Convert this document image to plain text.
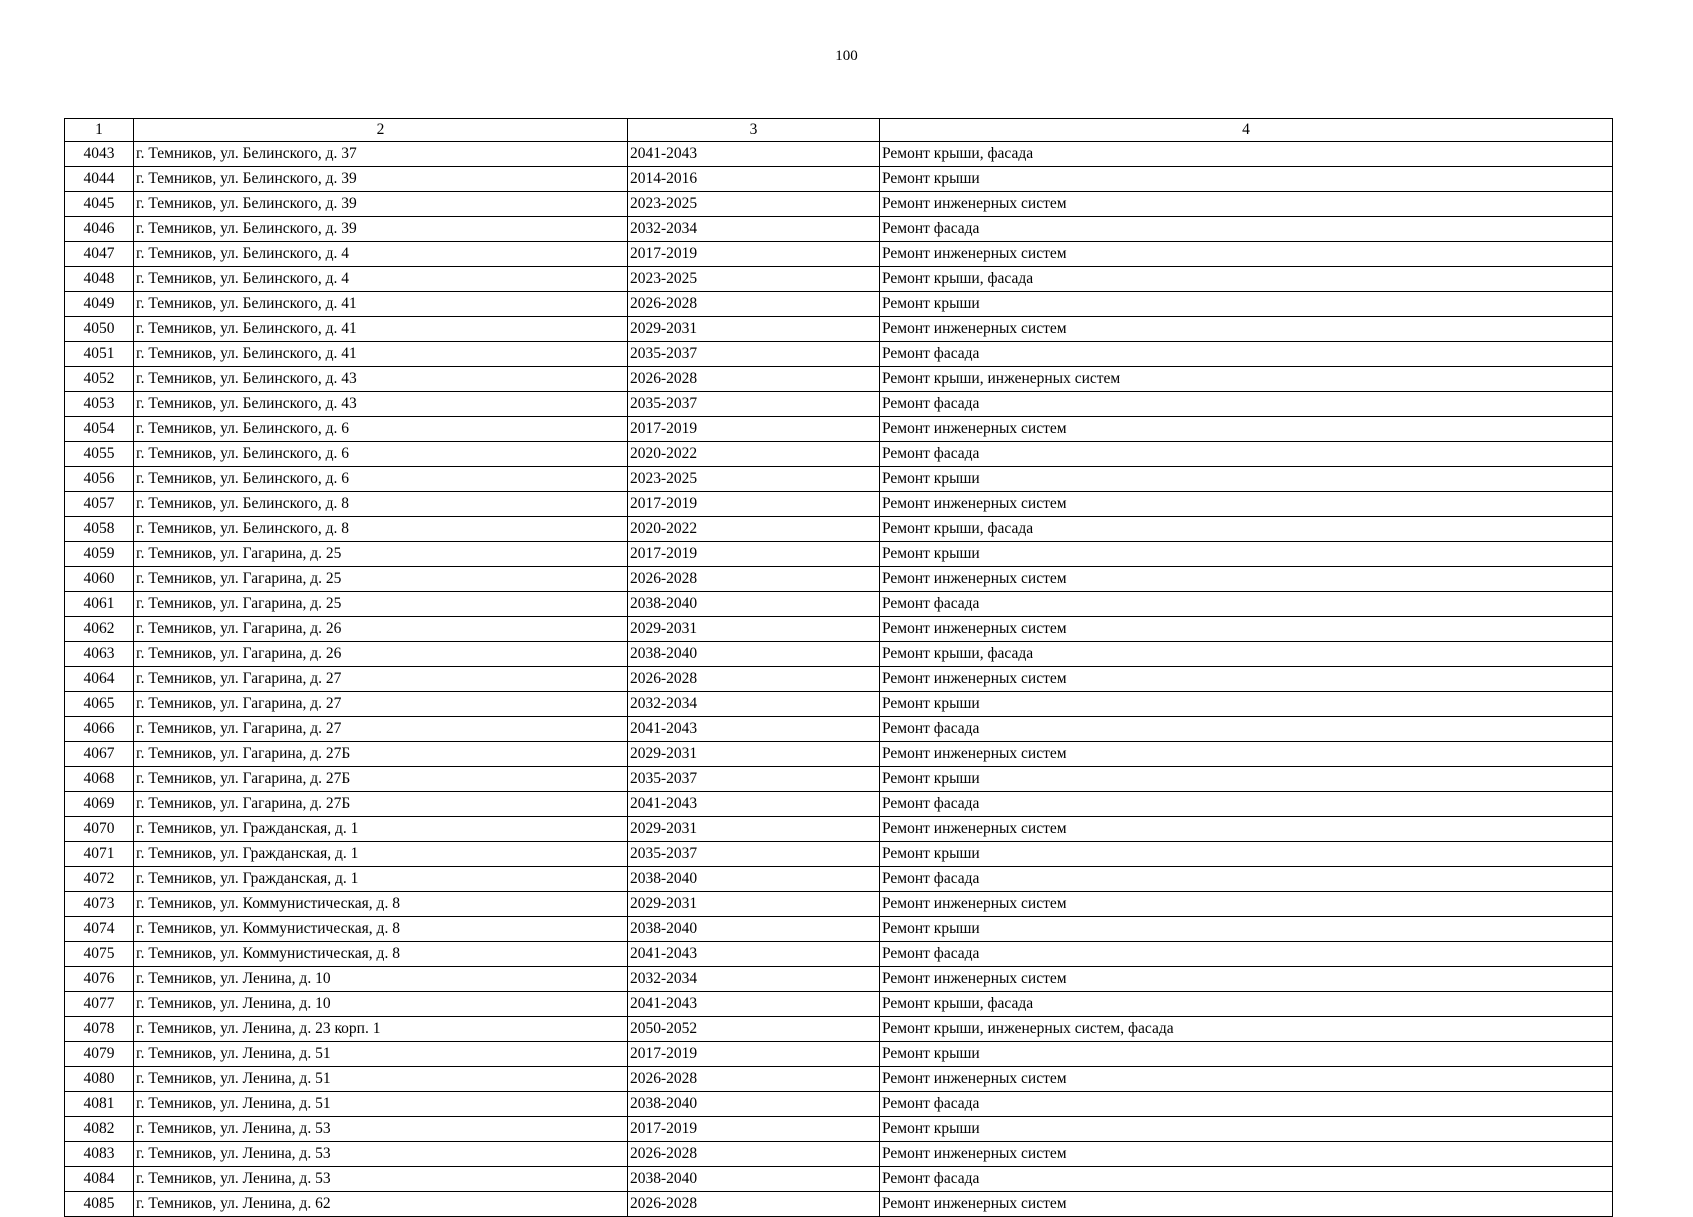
100
1	2	3	4
4043	г. Темников, ул. Белинского, д. 37	2041-2043	Ремонт крыши, фасада
4044	г. Темников, ул. Белинского, д. 39	2014-2016	Ремонт крыши
4045	г. Темников, ул. Белинского, д. 39	2023-2025	Ремонт инженерных систем
4046	г. Темников, ул. Белинского, д. 39	2032-2034	Ремонт фасада
4047	г. Темников, ул. Белинского, д. 4	2017-2019	Ремонт инженерных систем
4048	г. Темников, ул. Белинского, д. 4	2023-2025	Ремонт крыши, фасада
4049	г. Темников, ул. Белинского, д. 41	2026-2028	Ремонт крыши
4050	г. Темников, ул. Белинского, д. 41	2029-2031	Ремонт инженерных систем
4051	г. Темников, ул. Белинского, д. 41	2035-2037	Ремонт фасада
4052	г. Темников, ул. Белинского, д. 43	2026-2028	Ремонт крыши, инженерных систем
4053	г. Темников, ул. Белинского, д. 43	2035-2037	Ремонт фасада
4054	г. Темников, ул. Белинского, д. 6	2017-2019	Ремонт инженерных систем
4055	г. Темников, ул. Белинского, д. 6	2020-2022	Ремонт фасада
4056	г. Темников, ул. Белинского, д. 6	2023-2025	Ремонт крыши
4057	г. Темников, ул. Белинского, д. 8	2017-2019	Ремонт инженерных систем
4058	г. Темников, ул. Белинского, д. 8	2020-2022	Ремонт крыши, фасада
4059	г. Темников, ул. Гагарина, д. 25	2017-2019	Ремонт крыши
4060	г. Темников, ул. Гагарина, д. 25	2026-2028	Ремонт инженерных систем
4061	г. Темников, ул. Гагарина, д. 25	2038-2040	Ремонт фасада
4062	г. Темников, ул. Гагарина, д. 26	2029-2031	Ремонт инженерных систем
4063	г. Темников, ул. Гагарина, д. 26	2038-2040	Ремонт крыши, фасада
4064	г. Темников, ул. Гагарина, д. 27	2026-2028	Ремонт инженерных систем
4065	г. Темников, ул. Гагарина, д. 27	2032-2034	Ремонт крыши
4066	г. Темников, ул. Гагарина, д. 27	2041-2043	Ремонт фасада
4067	г. Темников, ул. Гагарина, д. 27Б	2029-2031	Ремонт инженерных систем
4068	г. Темников, ул. Гагарина, д. 27Б	2035-2037	Ремонт крыши
4069	г. Темников, ул. Гагарина, д. 27Б	2041-2043	Ремонт фасада
4070	г. Темников, ул. Гражданская, д. 1	2029-2031	Ремонт инженерных систем
4071	г. Темников, ул. Гражданская, д. 1	2035-2037	Ремонт крыши
4072	г. Темников, ул. Гражданская, д. 1	2038-2040	Ремонт фасада
4073	г. Темников, ул. Коммунистическая, д. 8	2029-2031	Ремонт инженерных систем
4074	г. Темников, ул. Коммунистическая, д. 8	2038-2040	Ремонт крыши
4075	г. Темников, ул. Коммунистическая, д. 8	2041-2043	Ремонт фасада
4076	г. Темников, ул. Ленина, д. 10	2032-2034	Ремонт инженерных систем
4077	г. Темников, ул. Ленина, д. 10	2041-2043	Ремонт крыши, фасада
4078	г. Темников, ул. Ленина, д. 23 корп. 1	2050-2052	Ремонт крыши, инженерных систем, фасада
4079	г. Темников, ул. Ленина, д. 51	2017-2019	Ремонт крыши
4080	г. Темников, ул. Ленина, д. 51	2026-2028	Ремонт инженерных систем
4081	г. Темников, ул. Ленина, д. 51	2038-2040	Ремонт фасада
4082	г. Темников, ул. Ленина, д. 53	2017-2019	Ремонт крыши
4083	г. Темников, ул. Ленина, д. 53	2026-2028	Ремонт инженерных систем
4084	г. Темников, ул. Ленина, д. 53	2038-2040	Ремонт фасада
4085	г. Темников, ул. Ленина, д. 62	2026-2028	Ремонт инженерных систем
